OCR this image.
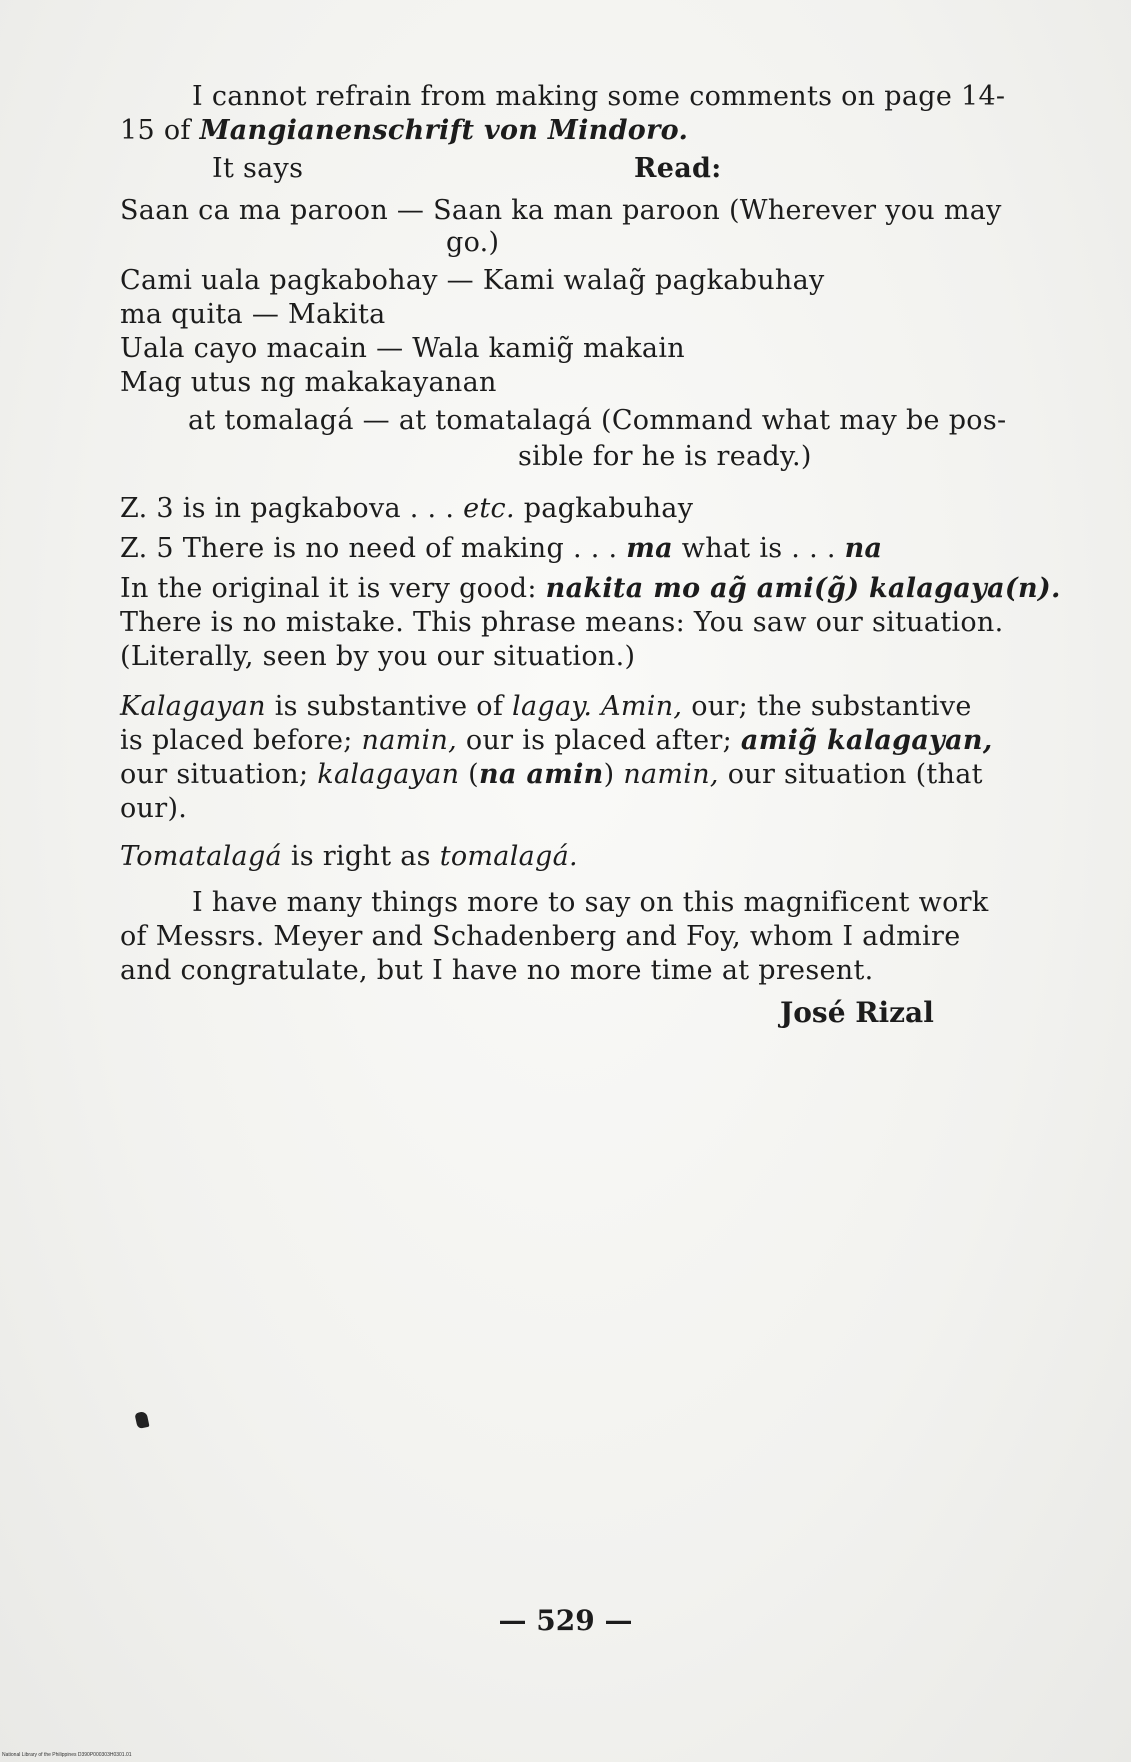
I cannot refrain from making some comments on page 14-
15 of Mangianenschrift von Mindoro.
It says	Read:
Saan ca ma paroon — Saan ka man paroon (Wherever you may
go.)
Cami uala pagkabohay — Kami walag̃ pagkabuhay
ma quita — Makita
Uala cayo macain — Wala kamig̃ makain
Mag utus ng makakayanan
at tomalagá — at tomatalagá (Command what may be pos-
sible for he is ready.)
Z. 3 is in pagkabova . . . etc. pagkabuhay
Z. 5 There is no need of making . . . ma what is . . . na
In the original it is very good: nakita mo ag̃ ami(g̃) kalagaya(n).
There is no mistake. This phrase means: You saw our situation.
(Literally, seen by you our situation.)
Kalagayan is substantive of lagay. Amin, our; the substantive
is placed before; namin, our is placed after; amig̃ kalagayan,
our situation; kalagayan (na amin) namin, our situation (that
our).
Tomatalagá is right as tomalagá.
I have many things more to say on this magnificent work
of Messrs. Meyer and Schadenberg and Foy, whom I admire
and congratulate, but I have no more time at present.
José Rizal
— 529 —
National Library of the Philippines D390P000303H0301.01
